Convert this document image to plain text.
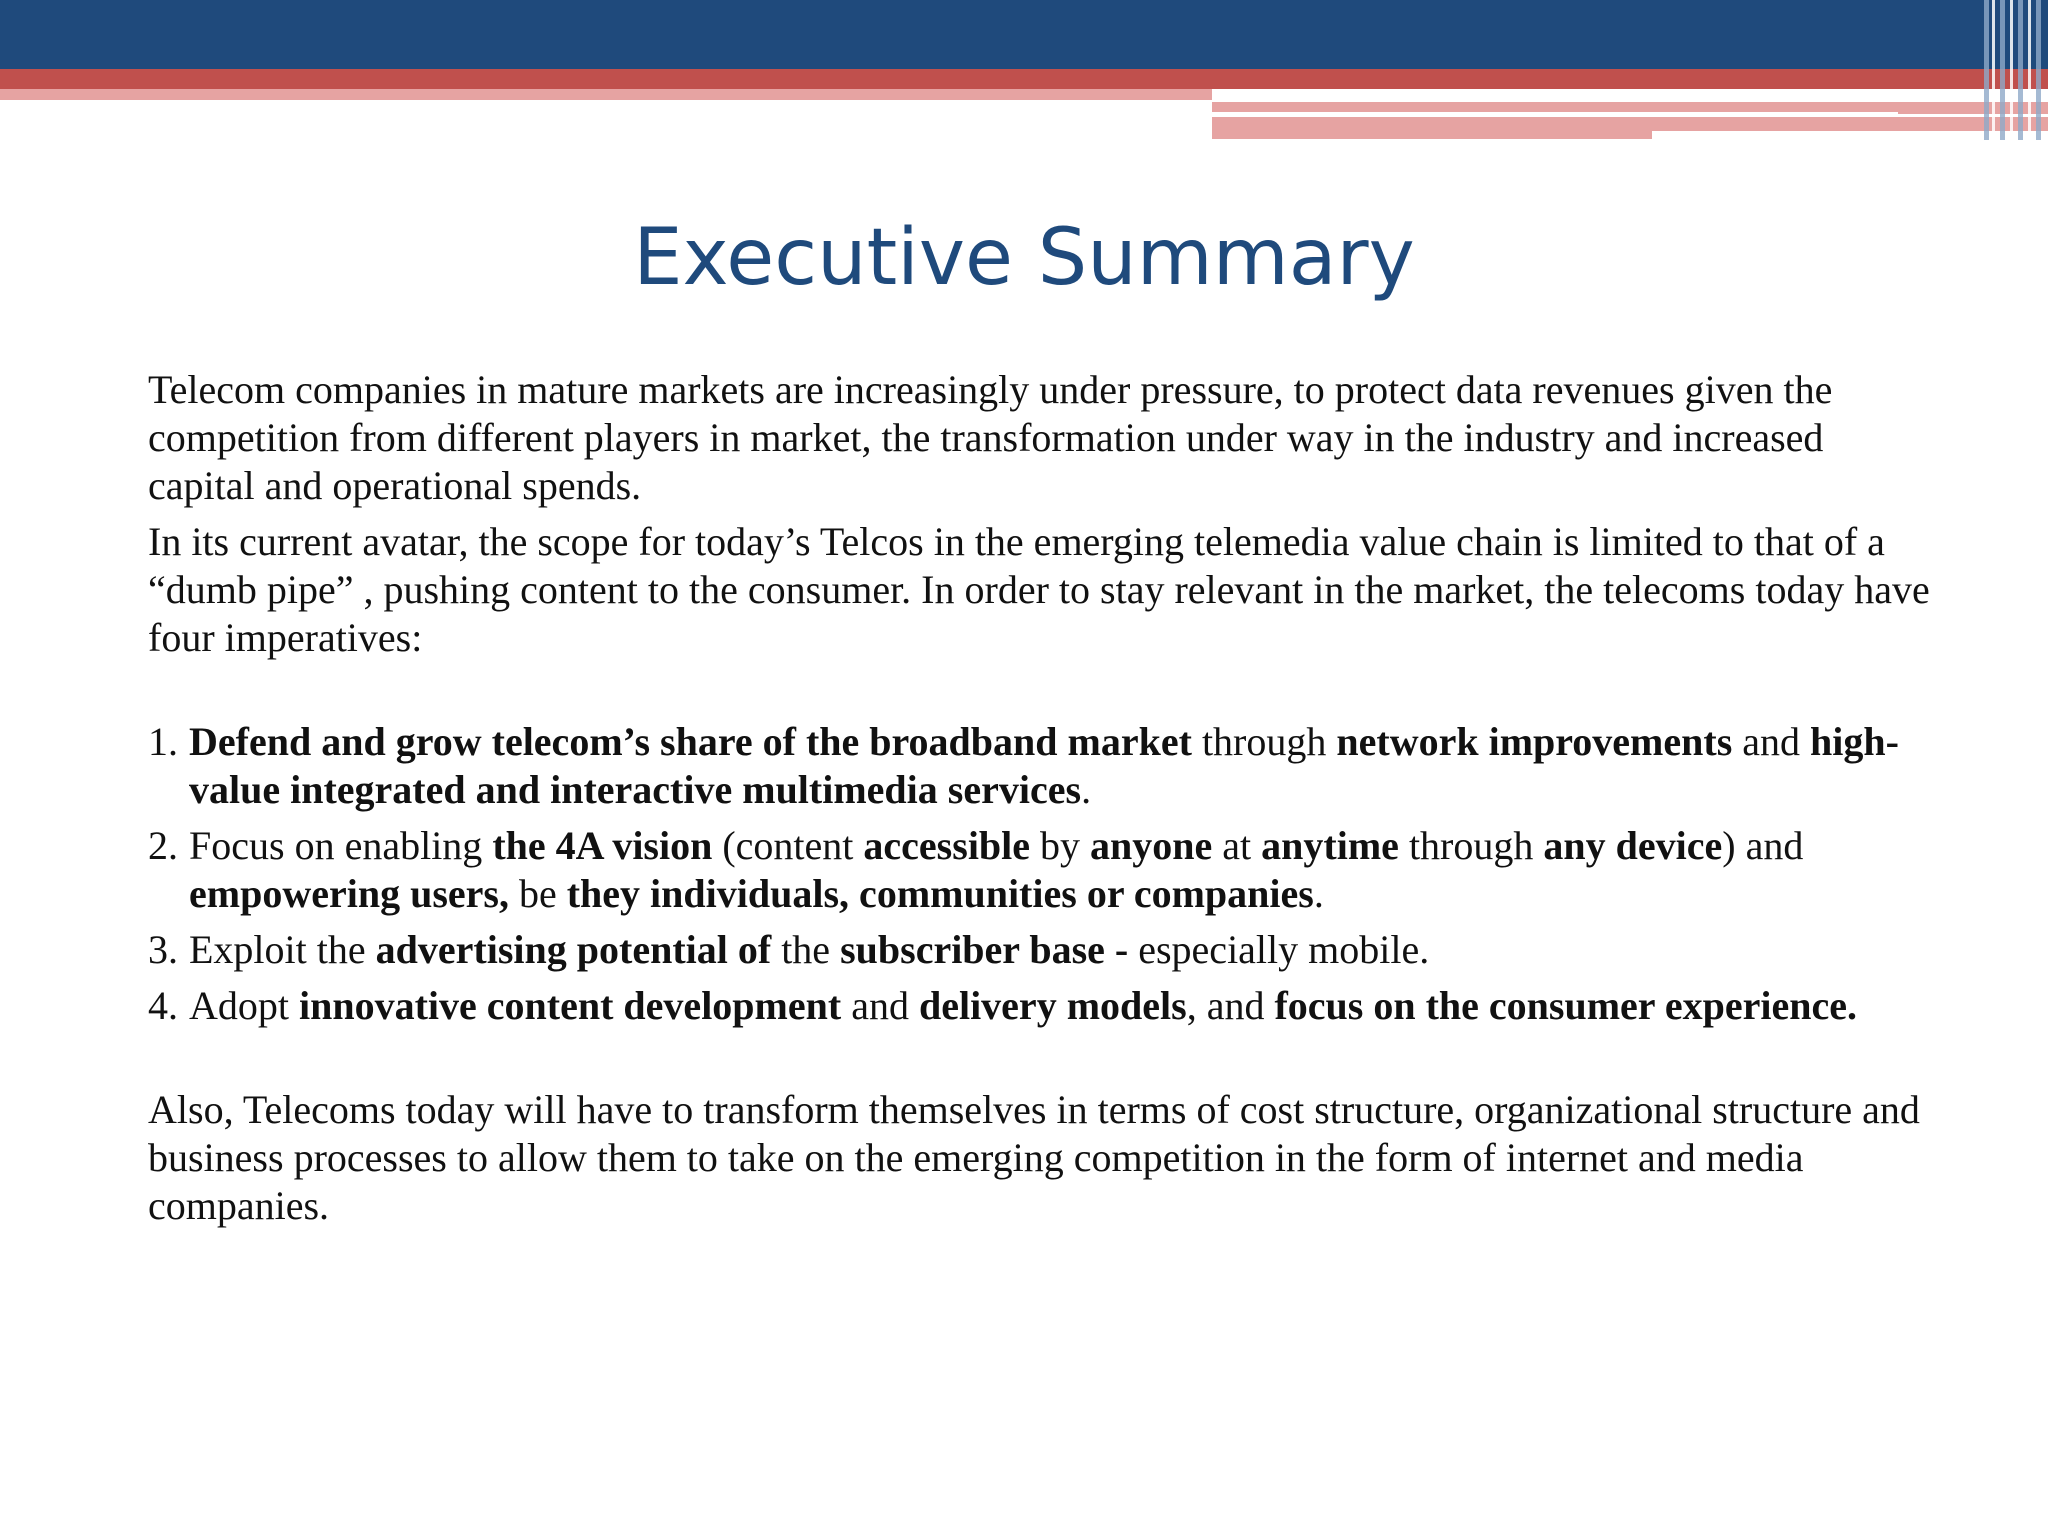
Executive Summary

Telecom companies in mature markets are increasingly under pressure, to protect data revenues given the competition from different players in market, the transformation under way in the industry and increased capital and operational spends.

In its current avatar, the scope for today’s Telcos in the emerging telemedia value chain is limited to that of a “dumb pipe” , pushing content to the consumer. In order to stay relevant in the market, the telecoms today have four imperatives:

1. Defend and grow telecom’s share of the broadband market through network improvements and high-value integrated and interactive multimedia services.
2. Focus on enabling the 4A vision (content accessible by anyone at anytime through any device) and empowering users, be they individuals, communities or companies.
3. Exploit the advertising potential of the subscriber base - especially mobile.
4. Adopt innovative content development and delivery models, and focus on the consumer experience.

Also, Telecoms today will have to transform themselves in terms of cost structure, organizational structure and business processes to allow them to take on the emerging competition in the form of internet and media companies.
